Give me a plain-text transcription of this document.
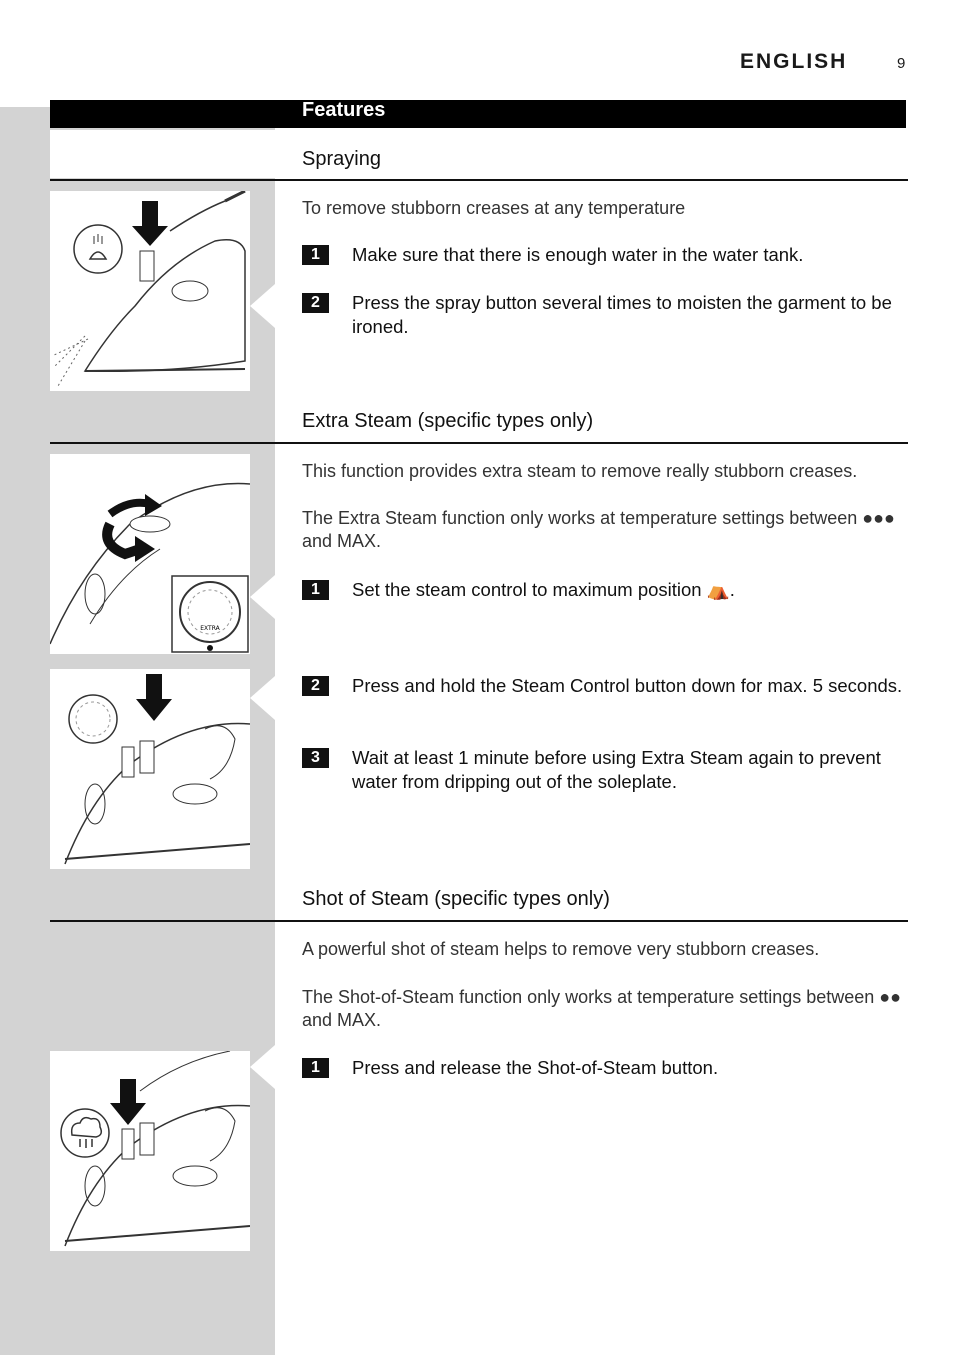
ENGLISH	9
Features
Spraying
To remove stubborn creases at any temperature
1	Make sure that there is enough water in the water tank.
2	Press the spray button several times to moisten the garment to be ironed.
Extra Steam (specific types only)
EXTRA
This function provides extra steam to remove really stubborn creases.
The Extra Steam function only works at temperature settings between ●●● and MAX.
1	Set the steam control to maximum position ⛺.
2	Press and hold the Steam Control button down for max. 5 seconds.
3	Wait at least 1 minute before using Extra Steam again to prevent water from dripping out of the soleplate.
Shot of Steam (specific types only)
A powerful shot of steam helps to remove very stubborn creases.
The Shot-of-Steam function only works at temperature settings between ●● and MAX.
1	Press and release the Shot-of-Steam button.
